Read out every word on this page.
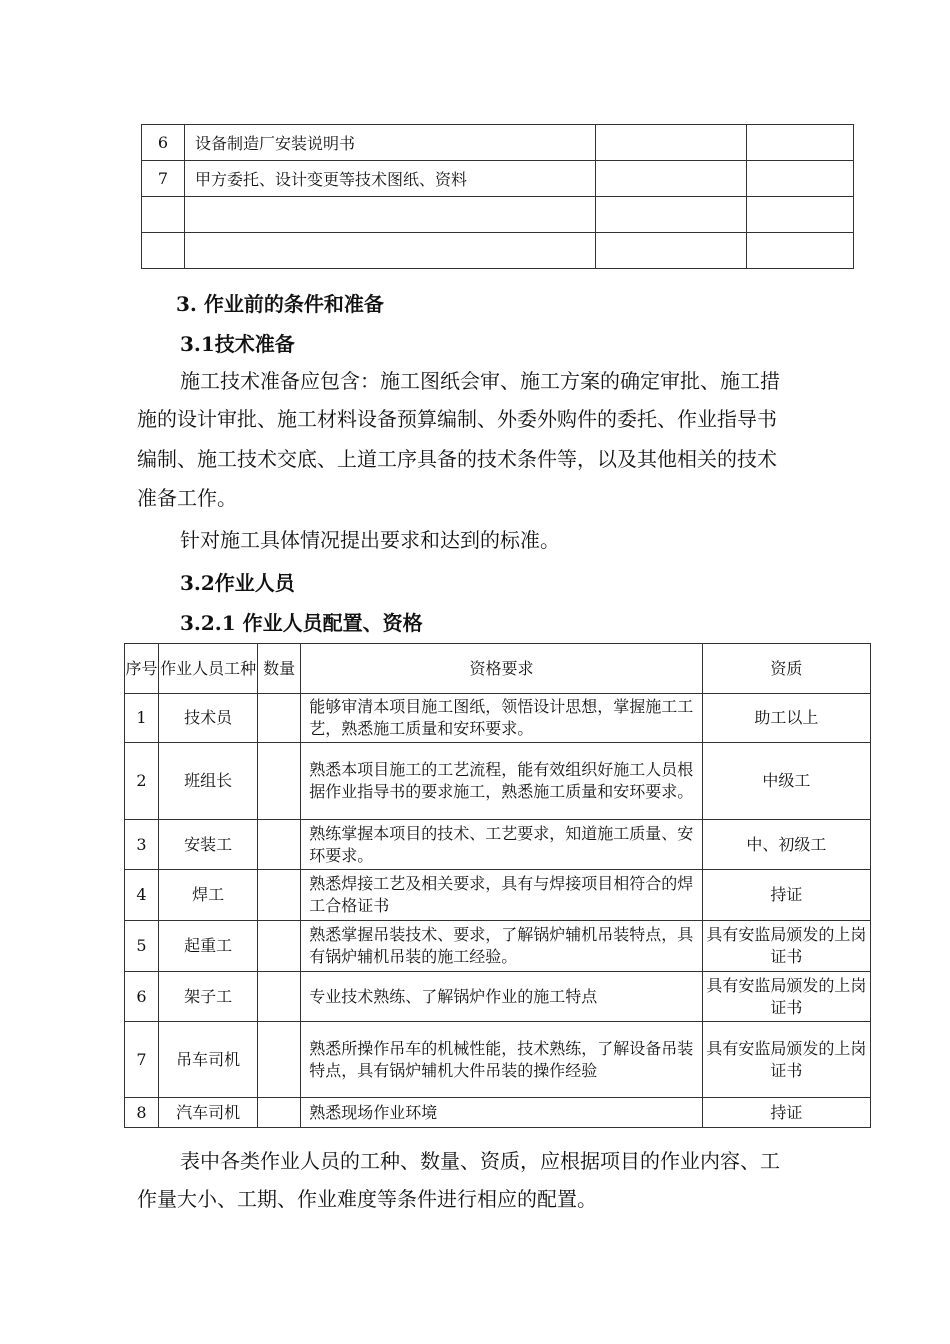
6	设备制造厂安装说明书		
7	甲方委托、设计变更等技术图纸、资料		

3. 作业前的条件和准备
3.1技术准备
施工技术准备应包含：施工图纸会审、施工方案的确定审批、施工措
施的设计审批、施工材料设备预算编制、外委外购件的委托、作业指导书
编制、施工技术交底、上道工序具备的技术条件等，以及其他相关的技术
准备工作。
针对施工具体情况提出要求和达到的标准。
3.2作业人员
3.2.1 作业人员配置、资格
序号	作业人员工种	数量	资格要求	资质
1	技术员		能够审清本项目施工图纸，领悟设计思想，掌握施工工艺，熟悉施工质量和安环要求。	助工以上
2	班组长		熟悉本项目施工的工艺流程，能有效组织好施工人员根据作业指导书的要求施工，熟悉施工质量和安环要求。	中级工
3	安装工		熟练掌握本项目的技术、工艺要求，知道施工质量、安环要求。	中、初级工
4	焊工		熟悉焊接工艺及相关要求，具有与焊接项目相符合的焊工合格证书	持证
5	起重工		熟悉掌握吊装技术、要求，了解锅炉辅机吊装特点，具有锅炉辅机吊装的施工经验。	具有安监局颁发的上岗证书
6	架子工		专业技术熟练、了解锅炉作业的施工特点	具有安监局颁发的上岗证书
7	吊车司机		熟悉所操作吊车的机械性能，技术熟练，了解设备吊装特点，具有锅炉辅机大件吊装的操作经验	具有安监局颁发的上岗证书
8	汽车司机		熟悉现场作业环境	持证
表中各类作业人员的工种、数量、资质，应根据项目的作业内容、工
作量大小、工期、作业难度等条件进行相应的配置。
